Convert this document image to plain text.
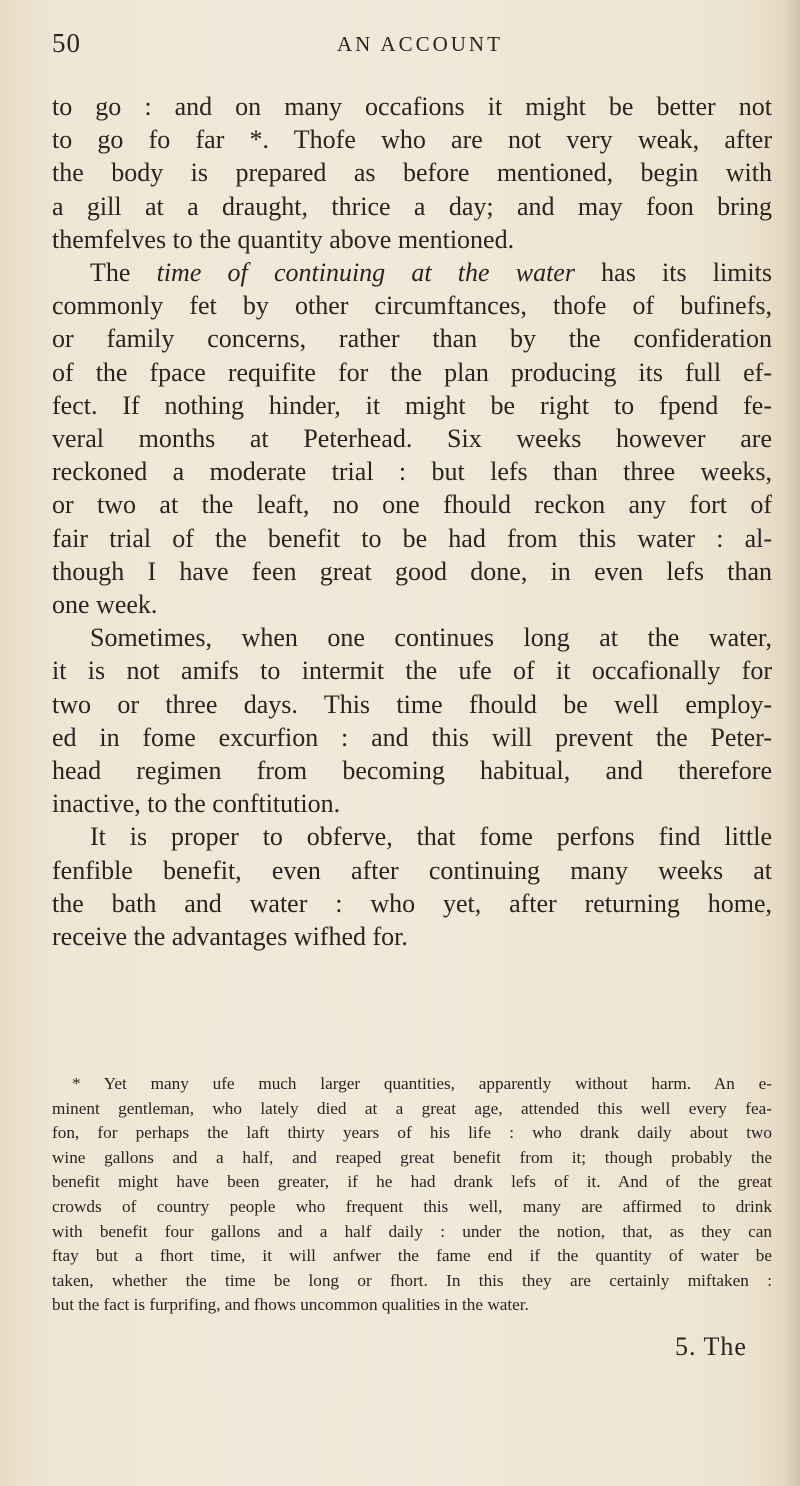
50	AN ACCOUNT

to go : and on many occafions it might be better not
to go fo far *. Thofe who are not very weak, after
the body is prepared as before mentioned, begin with
a gill at a draught, thrice a day; and may foon bring
themfelves to the quantity above mentioned.

The time of continuing at the water has its limits
commonly fet by other circumftances, thofe of bufinefs,
or family concerns, rather than by the confideration
of the fpace requifite for the plan producing its full ef-
fect. If nothing hinder, it might be right to fpend fe-
veral months at Peterhead. Six weeks however are
reckoned a moderate trial : but lefs than three weeks,
or two at the leaft, no one fhould reckon any fort of
fair trial of the benefit to be had from this water : al-
though I have feen great good done, in even lefs than
one week.

Sometimes, when one continues long at the water,
it is not amifs to intermit the ufe of it occafionally for
two or three days. This time fhould be well employ-
ed in fome excurfion : and this will prevent the Peter-
head regimen from becoming habitual, and therefore
inactive, to the conftitution.

It is proper to obferve, that fome perfons find little
fenfible benefit, even after continuing many weeks at
the bath and water : who yet, after returning home,
receive the advantages wifhed for.

* Yet many ufe much larger quantities, apparently without harm. An e-
minent gentleman, who lately died at a great age, attended this well every fea-
fon, for perhaps the laft thirty years of his life : who drank daily about two
wine gallons and a half, and reaped great benefit from it; though probably the
benefit might have been greater, if he had drank lefs of it. And of the great
crowds of country people who frequent this well, many are affirmed to drink
with benefit four gallons and a half daily : under the notion, that, as they can
ftay but a fhort time, it will anfwer the fame end if the quantity of water be
taken, whether the time be long or fhort. In this they are certainly miftaken :
but the fact is furprifing, and fhows uncommon qualities in the water.
5. The
